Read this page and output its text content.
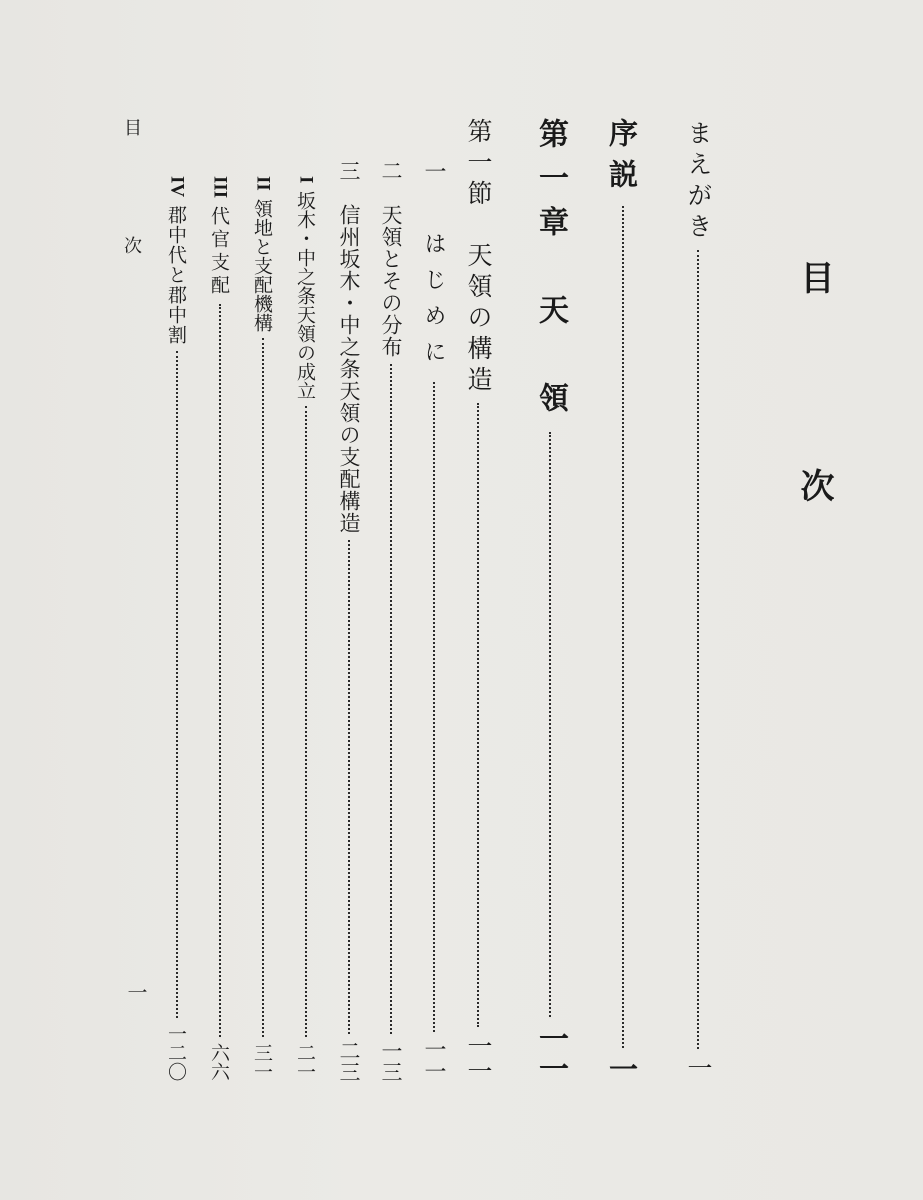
目　次
まえがき
一
序説
一
第一章　天　領
一一
第一節　天領の構造
一一
一　はじめに
一一
二　天領とその分布
一三
三　信州坂木・中之条天領の支配構造
二三
I
坂木・中之条天領の成立
二一
II
領地と支配機構
三一
III
代官支配
六六
IV
郡中代と郡中割
一二〇
目次
一
